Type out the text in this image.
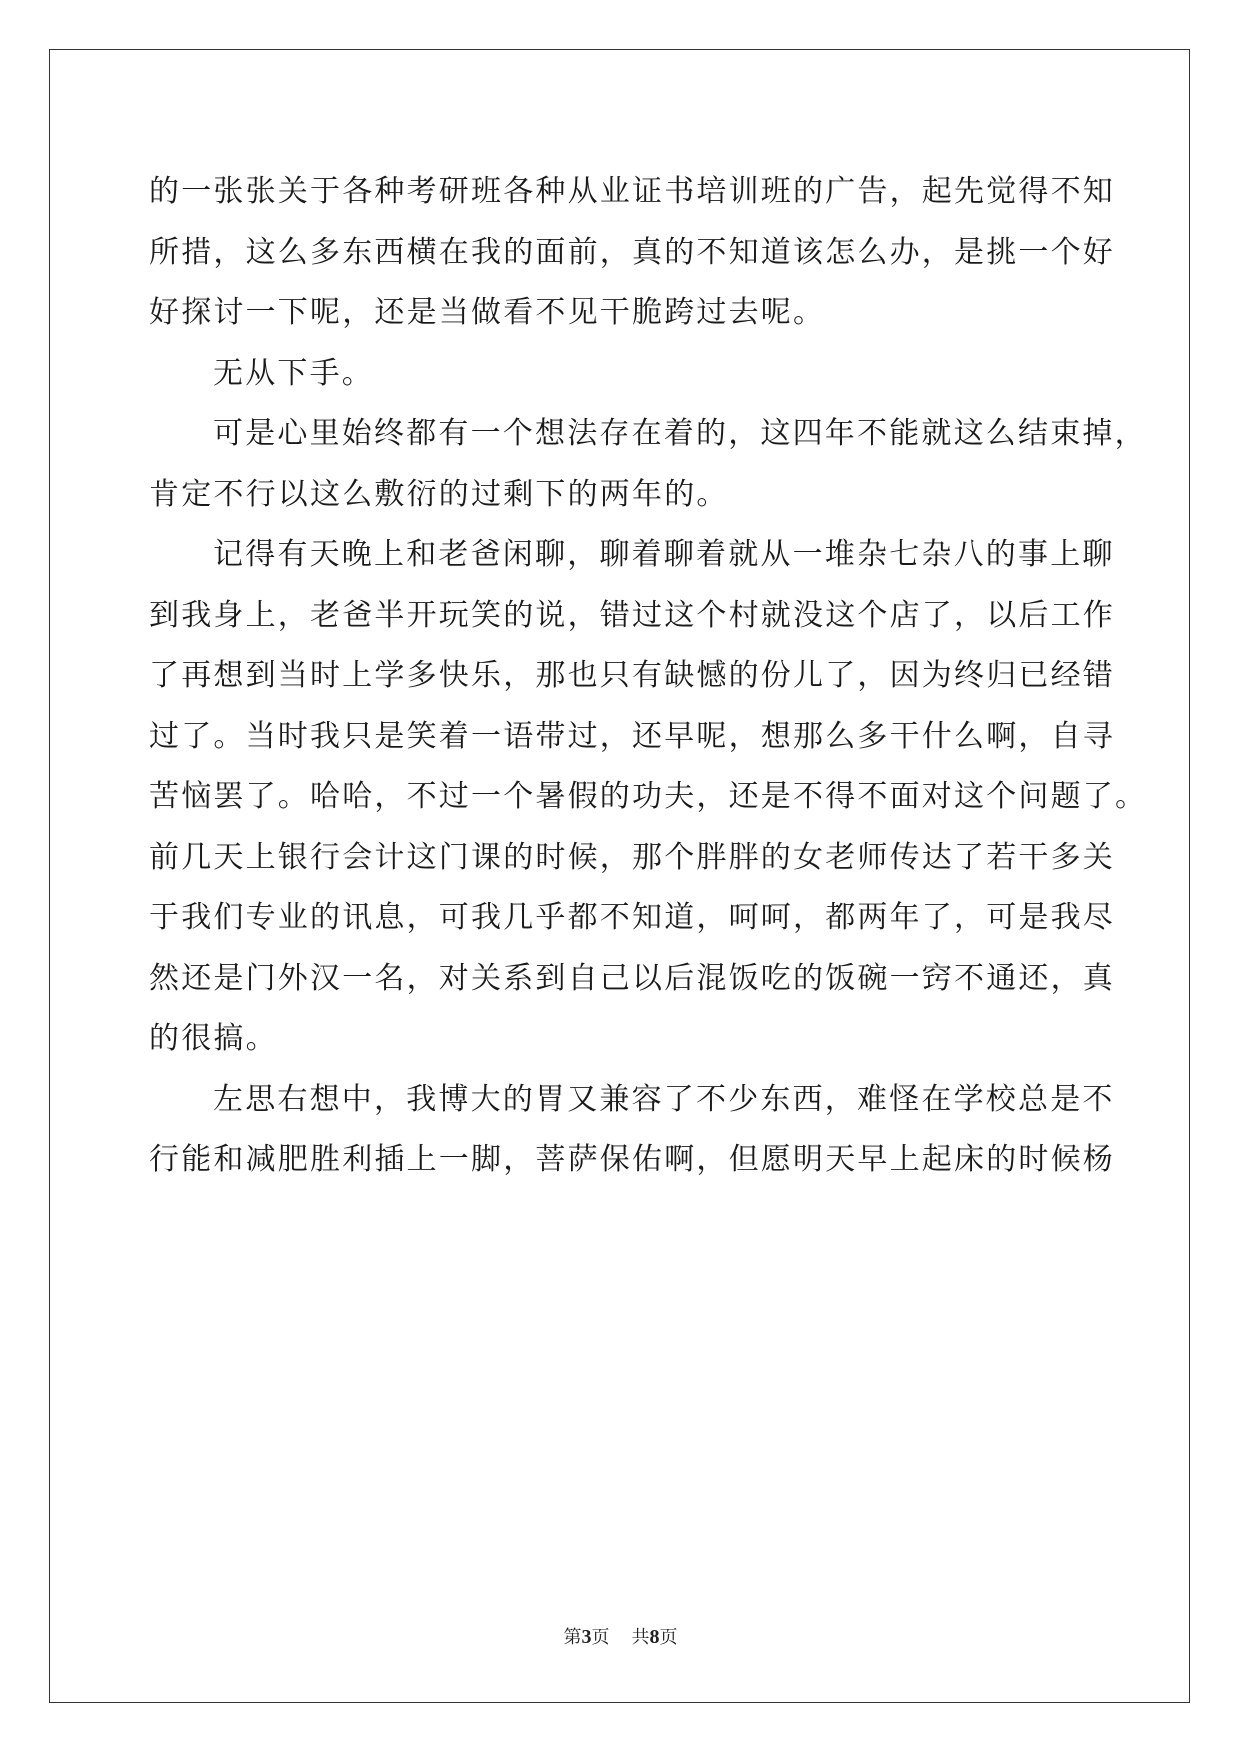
的一张张关于各种考研班各种从业证书培训班的广告，起先觉得不知
所措，这么多东西横在我的面前，真的不知道该怎么办，是挑一个好
好探讨一下呢，还是当做看不见干脆跨过去呢。
无从下手。
可是心里始终都有一个想法存在着的，这四年不能就这么结束掉，
肯定不行以这么敷衍的过剩下的两年的。
记得有天晚上和老爸闲聊，聊着聊着就从一堆杂七杂八的事上聊
到我身上，老爸半开玩笑的说，错过这个村就没这个店了，以后工作
了再想到当时上学多快乐，那也只有缺憾的份儿了，因为终归已经错
过了。当时我只是笑着一语带过，还早呢，想那么多干什么啊，自寻
苦恼罢了。哈哈，不过一个暑假的功夫，还是不得不面对这个问题了。
前几天上银行会计这门课的时候，那个胖胖的女老师传达了若干多关
于我们专业的讯息，可我几乎都不知道，呵呵，都两年了，可是我尽
然还是门外汉一名，对关系到自己以后混饭吃的饭碗一窍不通还，真
的很搞。
左思右想中，我博大的胃又兼容了不少东西，难怪在学校总是不
行能和减肥胜利插上一脚，菩萨保佑啊，但愿明天早上起床的时候杨
第3页 共8页
